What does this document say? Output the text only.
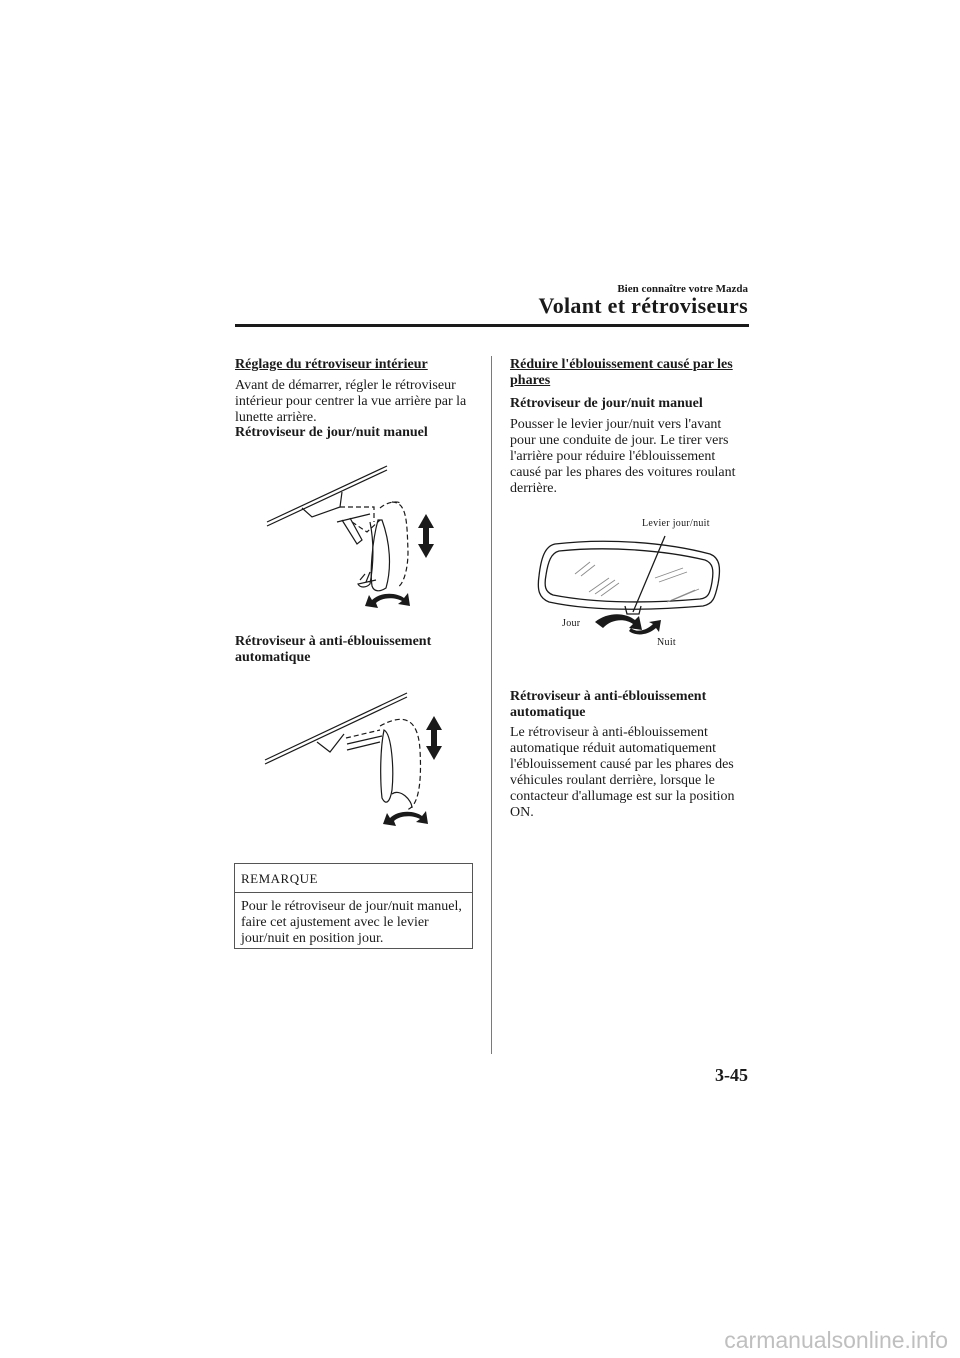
Bien connaître votre Mazda
Volant et rétroviseurs
Réglage du rétroviseur intérieur

Avant de démarrer, régler le rétroviseur intérieur pour centrer la vue arrière par la lunette arrière.

Rétroviseur de jour/nuit manuel
Rétroviseur à anti-éblouissement automatique
REMARQUE
Pour le rétroviseur de jour/nuit manuel, faire cet ajustement avec le levier jour/nuit en position jour.
Réduire l'éblouissement causé par les phares
Rétroviseur de jour/nuit manuel

Pousser le levier jour/nuit vers l'avant pour une conduite de jour. Le tirer vers l'arrière pour réduire l'éblouissement causé par les phares des voitures roulant derrière.

Levier jour/nuit
Jour
Nuit
Rétroviseur à anti-éblouissement automatique

Le rétroviseur à anti-éblouissement automatique réduit automatiquement l'éblouissement causé par les phares des véhicules roulant derrière, lorsque le contacteur d'allumage est sur la position ON.

3-45
carmanualsonline.info
